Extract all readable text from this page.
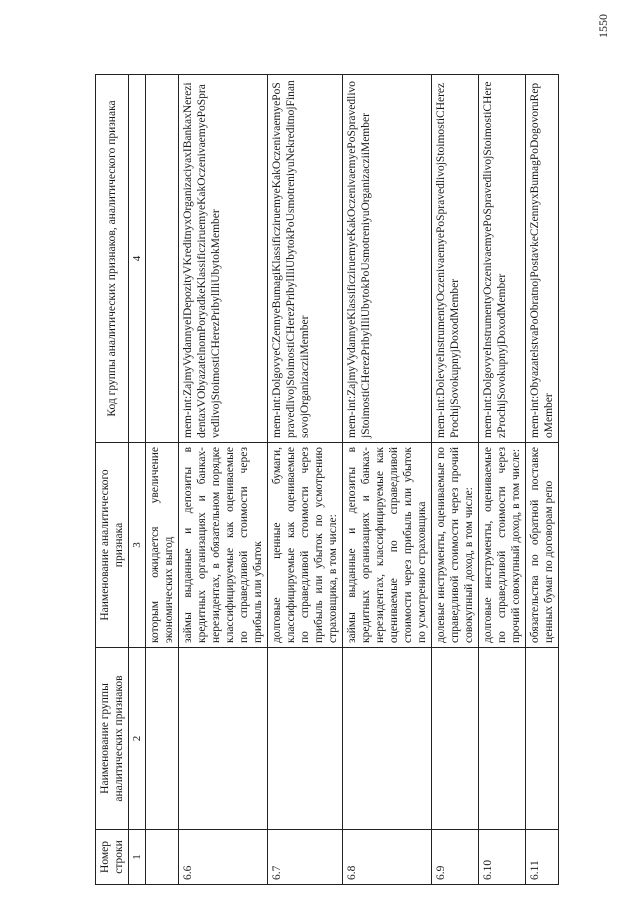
1550
Номер строки	Наименование группы аналитических признаков	Наименование аналитического признака	Код группы аналитических признаков, аналитического признака
1	2	3	4
		которым ожидается увеличение экономических выгод	
6.6		займы выданные и депозиты в кредитных организациях и банках-нерезидентах, в обязательном порядке классифицируемые как оцениваемые по справедливой стоимости через прибыль или убыток	mem-int:ZajmyVydannyeIDepozityVKreditnyxOrganizaciyaxIBankaxNerezidentaxVObyazatelnomPoryadkeKlassificziruemyeKakOczenivaemyePoSpravedlivojStoimostiCHerezPribylIliUbytokMember
6.7		долговые ценные бумаги, классифицируемые как оцениваемые по справедливой стоимости через прибыль или убыток по усмотрению страховщика, в том числе:	mem-int:DolgovyeCZennyeBumagiKlassificziruemyeKakOczenivaemyePoSpravedlivojStoimostiCHerezPribylIliUbytokPoUsmotreniyuNekreditnojFinansovojOrganizacziiMember
6.8		займы выданные и депозиты в кредитных организациях и банках-нерезидентах, классифицируемые как оцениваемые по справедливой стоимости через прибыль или убыток по усмотрению страховщика	mem-int:ZajmyVydannyeKlassificziruemyeKakOczenivaemyePoSpravedlivojStoimostiCHerezPribylIliUbytokPoUsmotreniyuOrganizacziiMember
6.9		долевые инструменты, оцениваемые по справедливой стоимости через прочий совокупный доход, в том числе:	mem-int:DolevyeInstrumentyOczenivaemyePoSpravedlivojStoimostiCHerezProchijSovokupnyjDoxodMember
6.10		долговые инструменты, оцениваемые по справедливой стоимости через прочий совокупный доход, в том числе:	mem-int:DolgovyeInstrumentyOczenivaemyePoSpravedlivojStoimostiCHerezProchijSovokupnyjDoxodMember
6.11		обязательства по обратной поставке ценных бумаг по договорам репо	mem-int:ObyazatelstvaPoObratnojPostavkeCZennyxBumagPoDogovoruRepoMember
